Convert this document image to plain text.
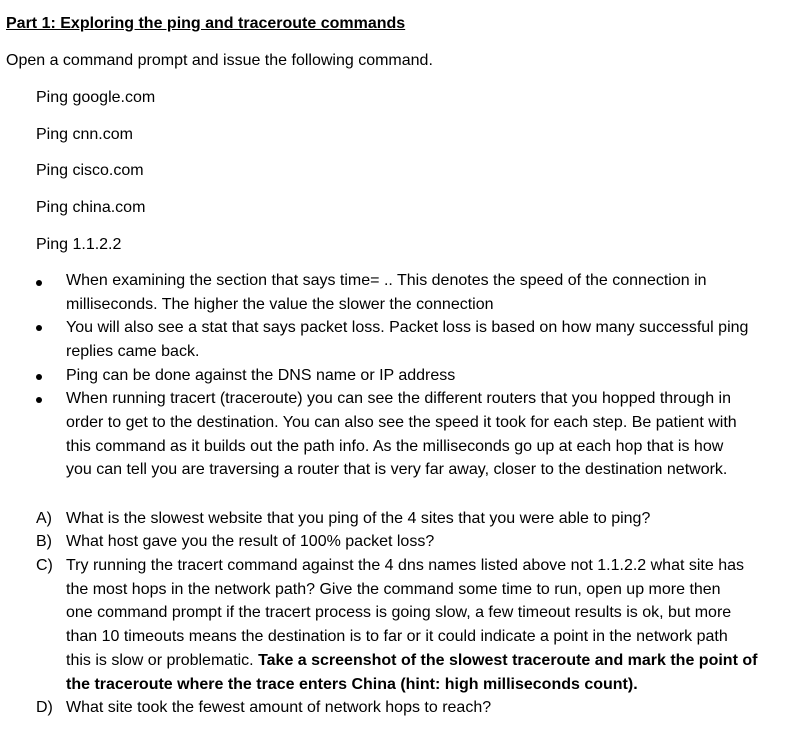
Part 1: Exploring the ping and traceroute commands
Open a command prompt and issue the following command.
Ping google.com
Ping cnn.com
Ping cisco.com
Ping china.com
Ping 1.1.2.2
When examining the section that says time= .. This denotes the speed of the connection in
milliseconds. The higher the value the slower the connection
You will also see a stat that says packet loss. Packet loss is based on how many successful ping
replies came back.
Ping can be done against the DNS name or IP address
When running tracert (traceroute) you can see the different routers that you hopped through in
order to get to the destination. You can also see the speed it took for each step. Be patient with
this command as it builds out the path info. As the milliseconds go up at each hop that is how
you can tell you are traversing a router that is very far away, closer to the destination network.
A) What is the slowest website that you ping of the 4 sites that you were able to ping?
B) What host gave you the result of 100% packet loss?
C) Try running the tracert command against the 4 dns names listed above not 1.1.2.2 what site has
the most hops in the network path? Give the command some time to run, open up more then
one command prompt if the tracert process is going slow, a few timeout results is ok, but more
than 10 timeouts means the destination is to far or it could indicate a point in the network path
this is slow or problematic. Take a screenshot of the slowest traceroute and mark the point of
the traceroute where the trace enters China (hint: high milliseconds count).
D) What site took the fewest amount of network hops to reach?
